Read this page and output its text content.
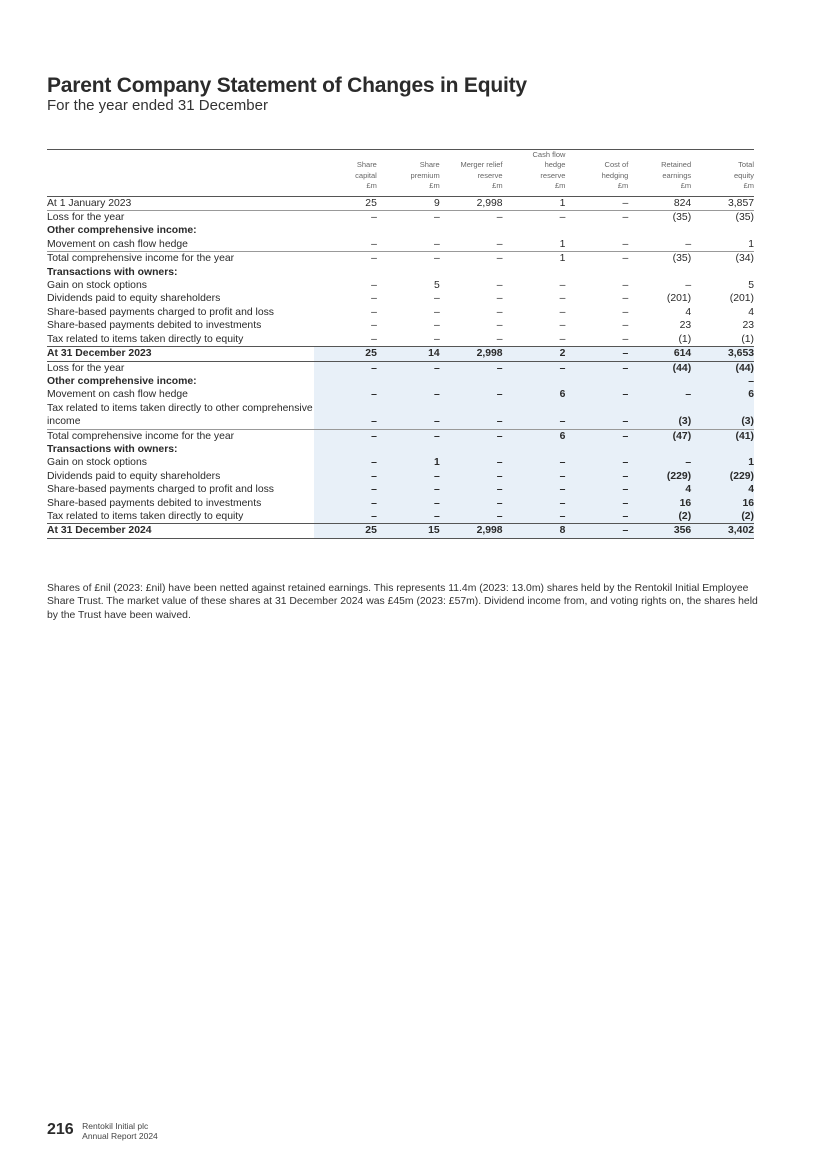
Parent Company Statement of Changes in Equity

For the year ended 31 December

	Share
capital
£m	Share
premium
£m	Merger relief
reserve
£m	Cash flow
hedge
reserve
£m	Cost of
hedging
£m	Retained
earnings
£m	Total
equity
£m
At 1 January 2023	25	9	2,998	1	–	824	3,857
Loss for the year	–	–	–	–	–	(35)	(35)
Other comprehensive income:							
Movement on cash flow hedge	–	–	–	1	–	–	1
Total comprehensive income for the year	–	–	–	1	–	(35)	(34)
Transactions with owners:							
Gain on stock options	–	5	–	–	–	–	5
Dividends paid to equity shareholders	–	–	–	–	–	(201)	(201)
Share-based payments charged to profit and loss	–	–	–	–	–	4	4
Share-based payments debited to investments	–	–	–	–	–	23	23
Tax related to items taken directly to equity	–	–	–	–	–	(1)	(1)
At 31 December 2023	25	14	2,998	2	–	614	3,653
Loss for the year	–	–	–	–	–	(44)	(44)
Other comprehensive income:							–
Movement on cash flow hedge	–	–	–	6	–	–	6
Tax related to items taken directly to other comprehensive income	–	–	–	–	–	(3)	(3)
Total comprehensive income for the year	–	–	–	6	–	(47)	(41)
Transactions with owners:							
Gain on stock options	–	1	–	–	–	–	1
Dividends paid to equity shareholders	–	–	–	–	–	(229)	(229)
Share-based payments charged to profit and loss	–	–	–	–	–	4	4
Share-based payments debited to investments	–	–	–	–	–	16	16
Tax related to items taken directly to equity	–	–	–	–	–	(2)	(2)
At 31 December 2024	25	15	2,998	8	–	356	3,402

Shares of £nil (2023: £nil) have been netted against retained earnings. This represents 11.4m (2023: 13.0m) shares held by the Rentokil Initial Employee Share Trust. The market value of these shares at 31 December 2024 was £45m (2023: £57m). Dividend income from, and voting rights on, the shares held by the Trust have been waived.

216 Rentokil Initial plc
Annual Report 2024
